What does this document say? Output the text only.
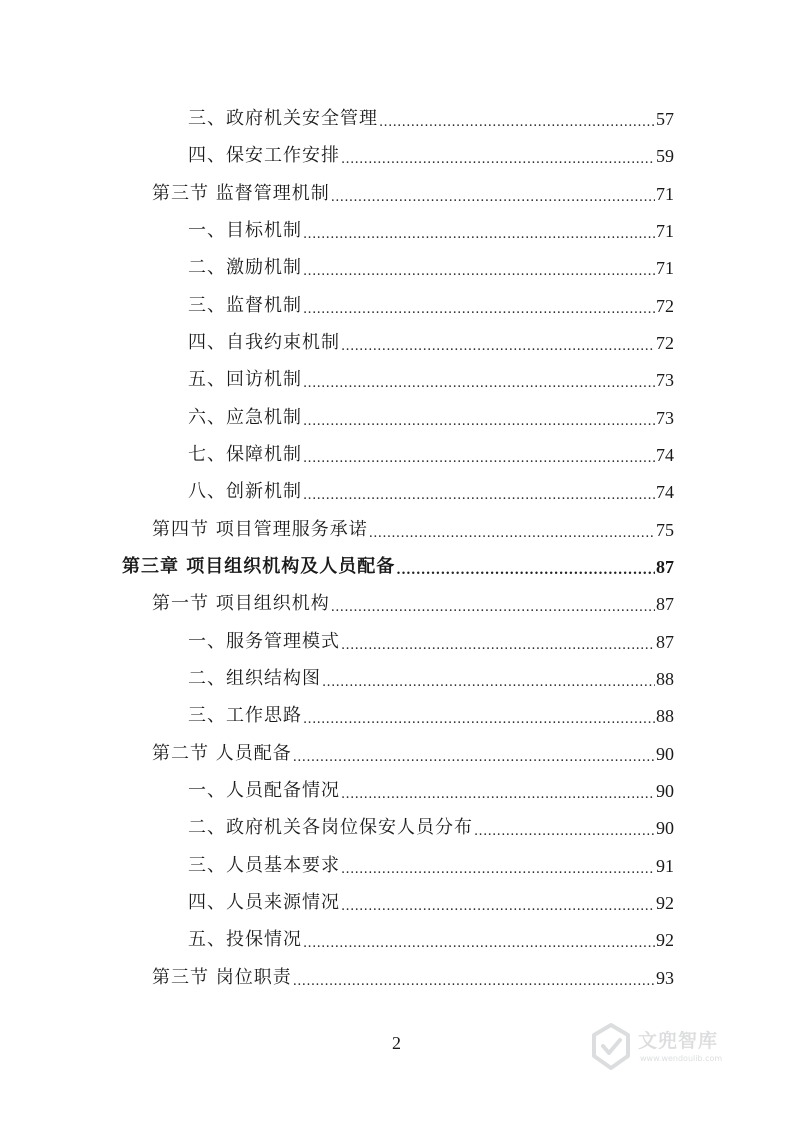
三、政府机关安全管理 .....	57
四、保安工作安排 .....	59
第三节 监督管理机制 .....	71
一、目标机制 .....	71
二、激励机制 .....	71
三、监督机制 .....	72
四、自我约束机制 .....	72
五、回访机制 .....	73
六、应急机制 .....	73
七、保障机制 .....	74
八、创新机制 .....	74
第四节 项目管理服务承诺 .....	75
第三章 项目组织机构及人员配备 .....	87
第一节 项目组织机构 .....	87
一、服务管理模式 .....	87
二、组织结构图 .....	88
三、工作思路 .....	88
第二节 人员配备 .....	90
一、人员配备情况 .....	90
二、政府机关各岗位保安人员分布 .....	90
三、人员基本要求 .....	91
四、人员来源情况 .....	92
五、投保情况 .....	92
第三节 岗位职责 .....	93
2	文兜智库
www.wendoulib.com
